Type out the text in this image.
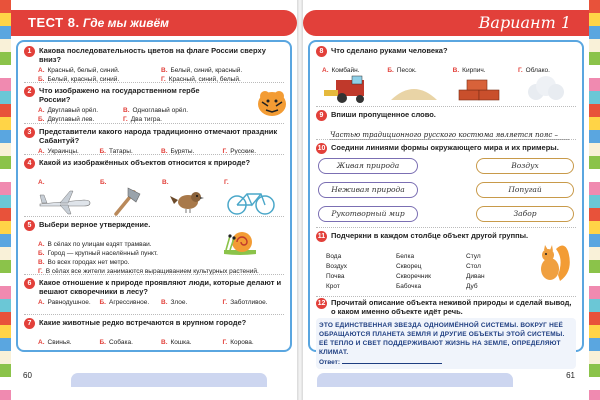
ТЕСТ 8. Где мы живём
1 Какова последовательность цветов на флаге России сверху вниз?
А. Красный, белый, синий.	В. Белый, синий, красный.
Б. Белый, красный, синий.	Г. Красный, синий, белый.
2 Что изображено на государственном гербе России?
А. Двуглавый орёл.	В. Одноглавый орёл.
Б. Двуглавый лев.	Г. Два тигра.
3 Представители какого народа традиционно отмечают праздник Сабантуй?
А. Украинцы.	Б. Татары.	В. Буряты.	Г. Русские.
4 Какой из изображённых объектов относится к природе?
А.	Б.	В.	Г.
5 Выбери верное утверждение.
А. В сёлах по улицам ездят трамваи.
Б. Город — крупный населённый пункт.
В. Во всех городах нет метро.
Г. В сёлах все жители занимаются выращиванием культурных растений.
6 Какое отношение к природе проявляют люди, которые делают и вешают скворечники в лесу?
А. Равнодушное.	Б. Агрессивное.	В. Злое.	Г. Заботливое.
7 Какие животные редко встречаются в крупном городе?
А. Свинья.	Б. Собака.	В. Кошка.	Г. Корова.
60
Вариант 1
8 Что сделано руками человека?
А. Комбайн.	Б. Песок.	В. Кирпич.	Г. Облако.
9 Впиши пропущенное слово.
Частью традиционного русского костюма является пояс –
10 Соедини линиями формы окружающего мира и их примеры.
Живая природа
Неживая природа
Рукотворный мир
Воздух
Попугай
Забор
11 Подчеркни в каждом столбце объект другой группы.
Вода	Белка	Стул
Воздух	Скворец	Стол
Почва	Скворечник	Диван
Крот	Бабочка	Дуб
12 Прочитай описание объекта неживой природы и сделай вывод, о каком именно объекте идёт речь.
ЭТО ЕДИНСТВЕННАЯ ЗВЕЗДА ОДНОИМЁННОЙ СИСТЕМЫ. ВОКРУГ НЕЁ ОБРАЩАЮТСЯ ПЛАНЕТА ЗЕМЛЯ И ДРУГИЕ ОБЪЕКТЫ ЭТОЙ СИСТЕМЫ. ЕЁ ТЕПЛО И СВЕТ ПОДДЕРЖИВАЮТ ЖИЗНЬ НА ЗЕМЛЕ, ОПРЕДЕЛЯЮТ КЛИМАТ.
Ответ:
61
